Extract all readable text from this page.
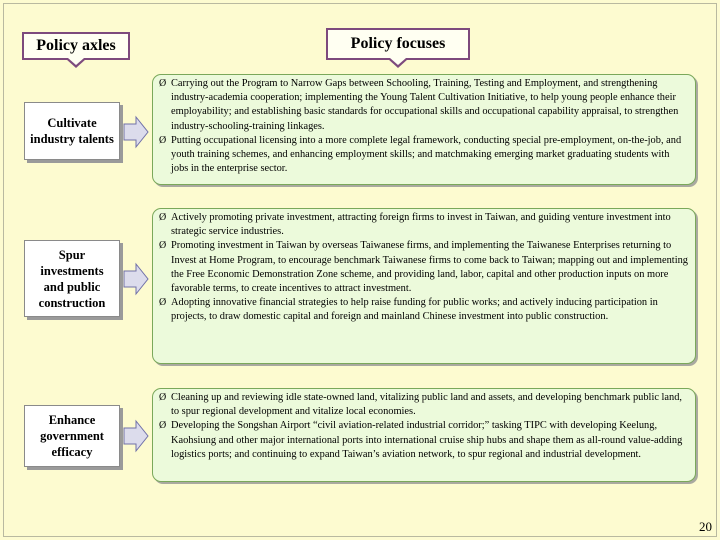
Policy axles	Policy focuses
Cultivate industry talents
Ø Carrying out the Program to Narrow Gaps between Schooling, Training, Testing and Employment, and strengthening industry-academia cooperation; implementing the Young Talent Cultivation Initiative, to help young people enhance their employability; and establishing basic standards for occupational skills and occupational capability appraisal, to strengthen industry-schooling-training linkages.
Ø Putting occupational licensing into a more complete legal framework, conducting special pre-employment, on-the-job, and youth training schemes, and enhancing employment skills; and matchmaking emerging market graduating students with jobs in the enterprise sector.
Spur investments and public construction
Ø Actively promoting private investment, attracting foreign firms to invest in Taiwan, and guiding venture investment into strategic service industries.
Ø Promoting investment in Taiwan by overseas Taiwanese firms, and implementing the Taiwanese Enterprises returning to Invest at Home Program, to encourage benchmark Taiwanese firms to come back to Taiwan; mapping out and implementing the Free Economic Demonstration Zone scheme, and providing land, labor, capital and other production inputs on more favorable terms, to create incentives to attract investment.
Ø Adopting innovative financial strategies to help raise funding for public works; and actively inducing participation in projects, to draw domestic capital and foreign and mainland Chinese investment into public construction.
Enhance government efficacy
Ø Cleaning up and reviewing idle state-owned land, vitalizing public land and assets, and developing benchmark public land, to spur regional development and vitalize local economies.
Ø Developing the Songshan Airport “civil aviation-related industrial corridor;” tasking TIPC with developing Keelung, Kaohsiung and other major international ports into international cruise ship hubs and shape them as all-round value-adding logistics ports; and continuing to expand Taiwan’s aviation network, to spur regional and industrial development.
20
